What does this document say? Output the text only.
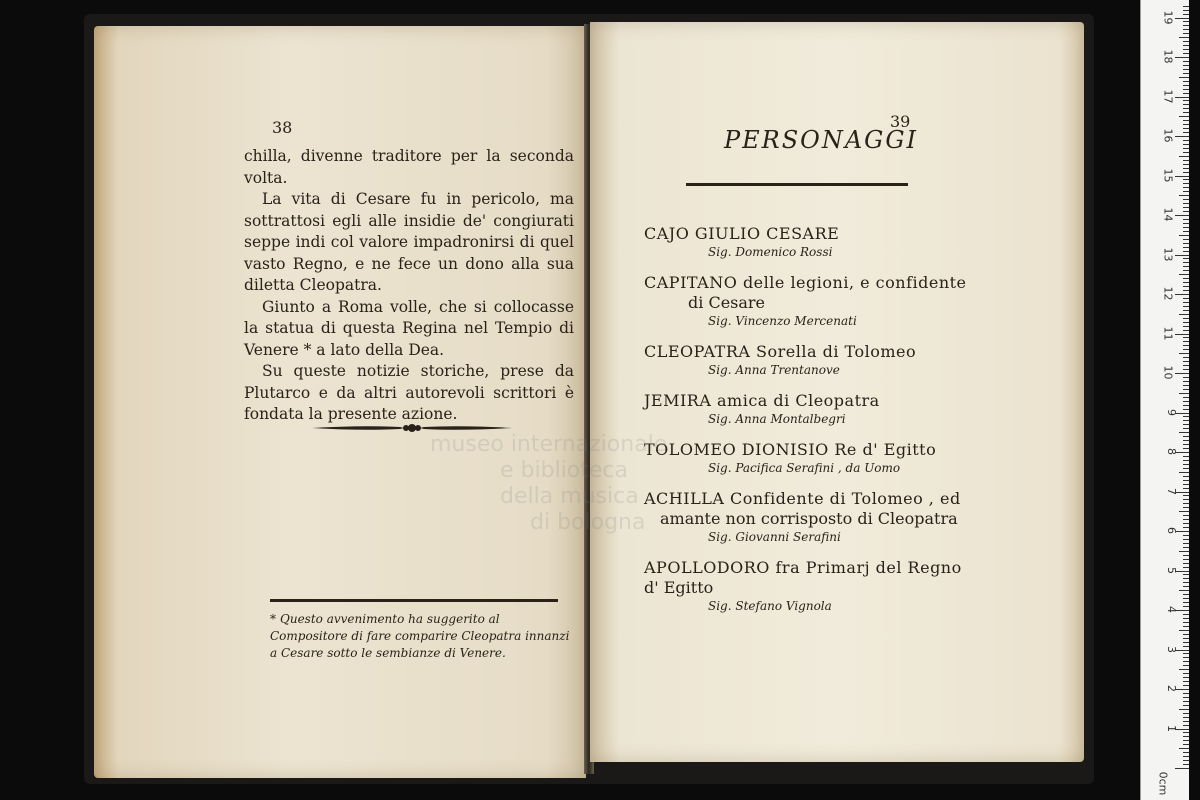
38

chilla, divenne traditore per la seconda volta.

La vita di Cesare fu in pericolo, ma sottrattosi egli alle insidie de' congiurati seppe indi col valore impadronirsi di quel vasto Regno, e ne fece un dono alla sua diletta Cleopatra.

Giunto a Roma volle, che si collocasse la statua di questa Regina nel Tempio di Venere * a lato della Dea.

Su queste notizie storiche, prese da Plutarco e da altri autorevoli scrittori è fondata la presente azione.

* Questo avvenimento ha suggerito al Compositore di fare comparire Cleopatra innanzi a Cesare sotto le sembianze di Venere.
39
PERSONAGGI
CAJO GIULIO CESARE
Sig. Domenico Rossi
CAPITANO delle legioni, e confidente
di Cesare
Sig. Vincenzo Mercenati
CLEOPATRA Sorella di Tolomeo
Sig. Anna Trentanove
JEMIRA amica di Cleopatra
Sig. Anna Montalbegri
TOLOMEO DIONISIO Re d' Egitto
Sig. Pacifica Serafini , da Uomo
ACHILLA Confidente di Tolomeo , ed
amante non corrisposto di Cleopatra
Sig. Giovanni Serafini
APOLLODORO fra Primarj del Regno
d' Egitto
Sig. Stefano Vignola
museo internazionale
e biblioteca
della musica
di bologna
0cm
1
2
3
4
5
6
7
8
9
10
11
12
13
14
15
16
17
18
19
